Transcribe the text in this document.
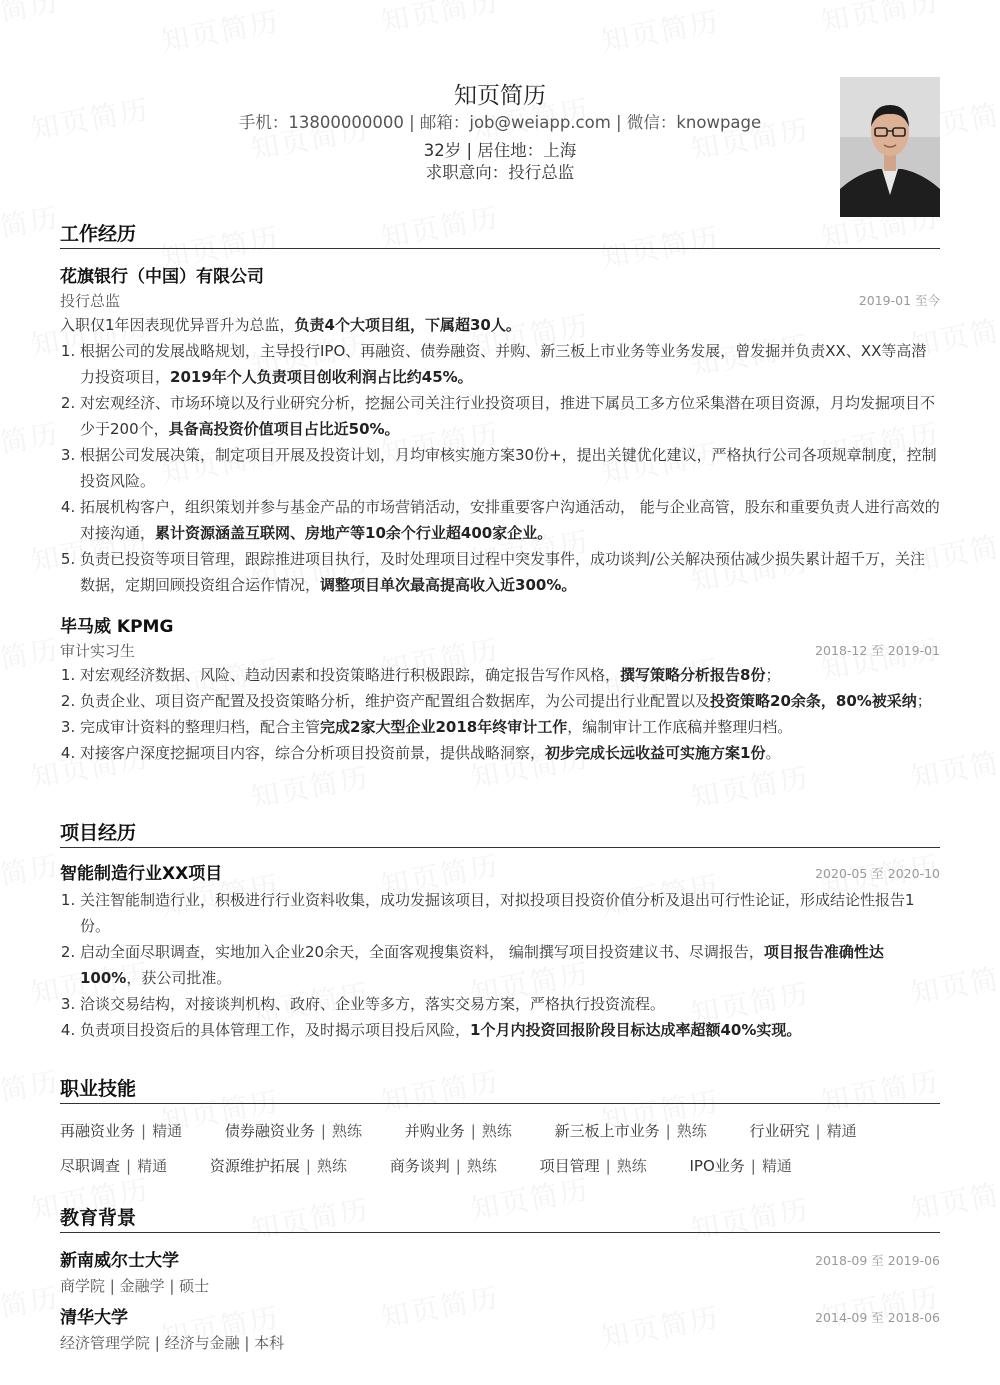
知页简历
手机：13800000000 | 邮箱：job@weiapp.com | 微信：knowpage
32岁 | 居住地：上海
求职意向：投行总监
工作经历
花旗银行（中国）有限公司
投行总监	2019-01 至今
入职仅1年因表现优异晋升为总监，负责4个大项目组，下属超30人。
1. 根据公司的发展战略规划，主导投行IPO、再融资、债券融资、并购、新三板上市业务等业务发展，曾发掘并负责XX、XX等高潜力投资项目，2019年个人负责项目创收利润占比约45%。
2. 对宏观经济、市场环境以及行业研究分析，挖掘公司关注行业投资项目，推进下属员工多方位采集潜在项目资源，月均发掘项目不少于200个，具备高投资价值项目占比近50%。
3. 根据公司发展决策，制定项目开展及投资计划，月均审核实施方案30份+，提出关键优化建议，严格执行公司各项规章制度，控制投资风险。
4. 拓展机构客户，组织策划并参与基金产品的市场营销活动，安排重要客户沟通活动， 能与企业高管，股东和重要负责人进行高效的对接沟通，累计资源涵盖互联网、房地产等10余个行业超400家企业。
5. 负责已投资等项目管理，跟踪推进项目执行，及时处理项目过程中突发事件，成功谈判/公关解决预估减少损失累计超千万，关注数据，定期回顾投资组合运作情况，调整项目单次最高提高收入近300%。
毕马威 KPMG
审计实习生	2018-12 至 2019-01
1. 对宏观经济数据、风险、趋动因素和投资策略进行积极跟踪，确定报告写作风格，撰写策略分析报告8份；
2. 负责企业、项目资产配置及投资策略分析，维护资产配置组合数据库，为公司提出行业配置以及投资策略20余条，80%被采纳；
3. 完成审计资料的整理归档，配合主管完成2家大型企业2018年终审计工作，编制审计工作底稿并整理归档。
4. 对接客户深度挖掘项目内容，综合分析项目投资前景，提供战略洞察，初步完成长远收益可实施方案1份。
项目经历
智能制造行业XX项目	2020-05 至 2020-10
1. 关注智能制造行业，积极进行行业资料收集，成功发掘该项目，对拟投项目投资价值分析及退出可行性论证，形成结论性报告1份。
2. 启动全面尽职调查，实地加入企业20余天，全面客观搜集资料， 编制撰写项目投资建议书、尽调报告，项目报告准确性达100%，获公司批准。
3. 洽谈交易结构，对接谈判机构、政府、企业等多方，落实交易方案，严格执行投资流程。
4. 负责项目投资后的具体管理工作，及时揭示项目投后风险，1个月内投资回报阶段目标达成率超额40%实现。
职业技能
再融资业务 | 精通	债券融资业务 | 熟练	并购业务 | 熟练	新三板上市业务 | 熟练	行业研究 | 精通
尽职调查 | 精通	资源维护拓展 | 熟练	商务谈判 | 熟练	项目管理 | 熟练	IPO业务 | 精通
教育背景
新南威尔士大学	2018-09 至 2019-06
商学院 | 金融学 | 硕士
清华大学	2014-09 至 2018-06
经济管理学院 | 经济与金融 | 本科
